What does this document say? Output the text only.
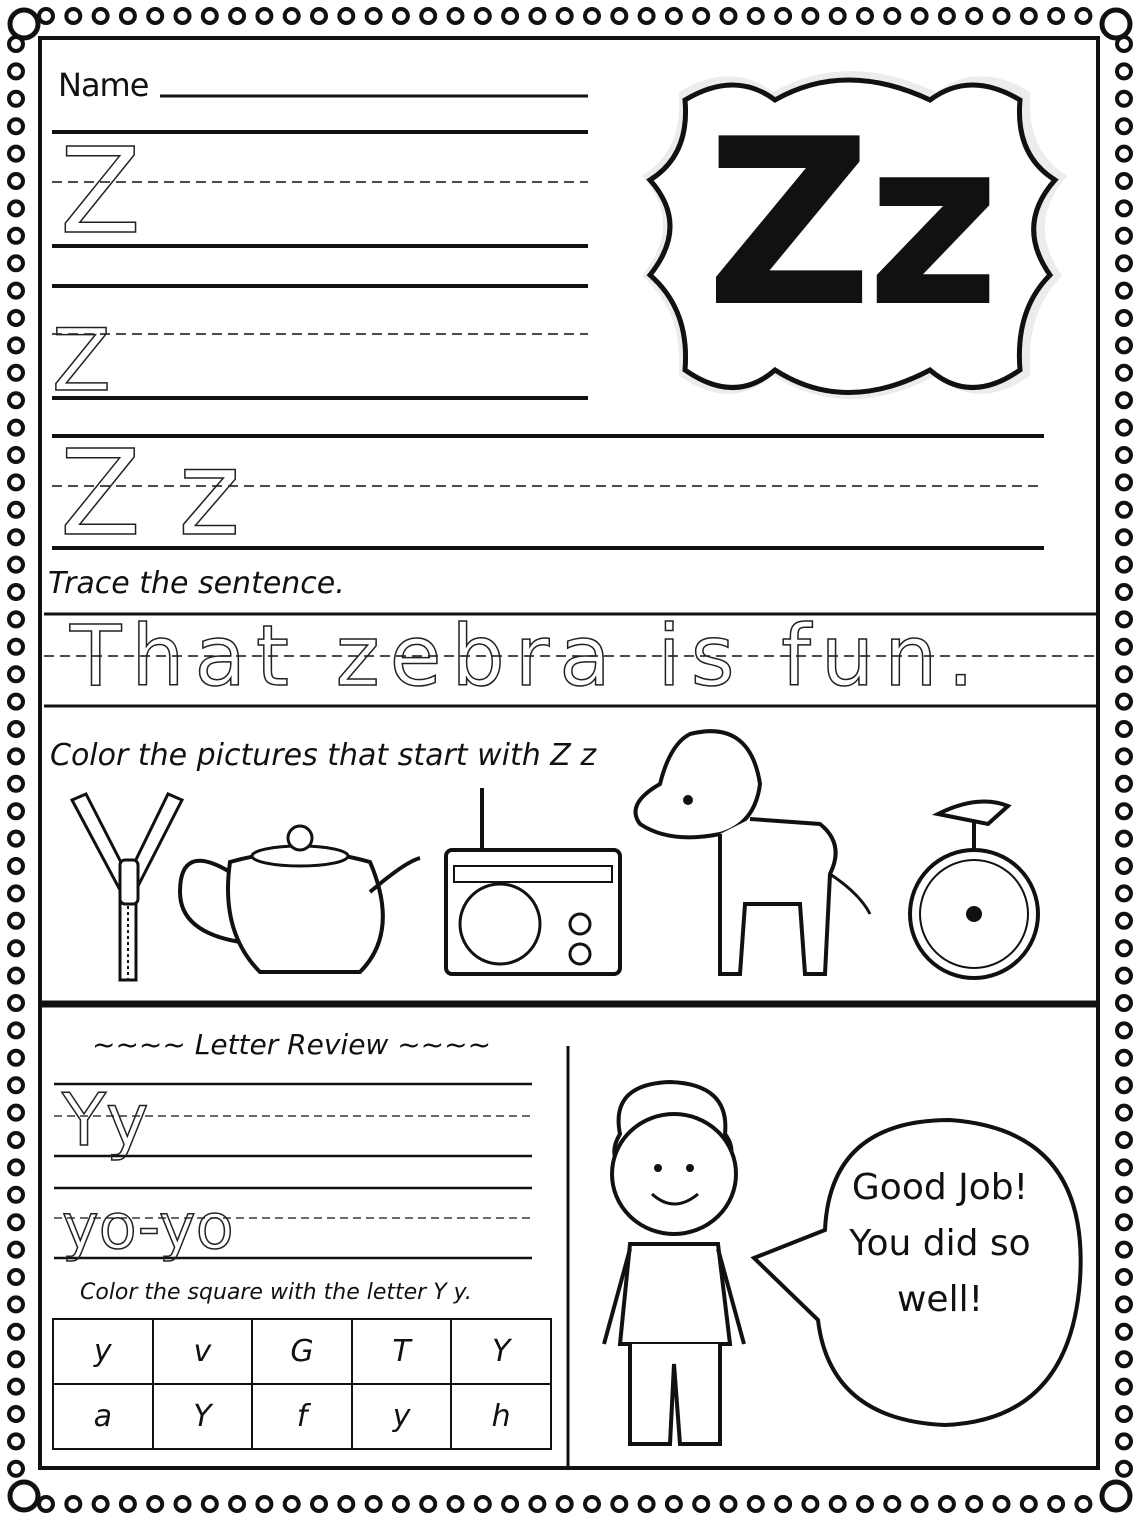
Name
Z
Z
Z z
Zz
Trace the sentence.
That zebra is fun.
Color the pictures that start with Z z
~~~~ Letter Review ~~~~
Yy
yo-yo
Color the square with the letter Y y.
y	v	G	T	Y
a	Y	f	y	h
Good Job!
You did so
well!
